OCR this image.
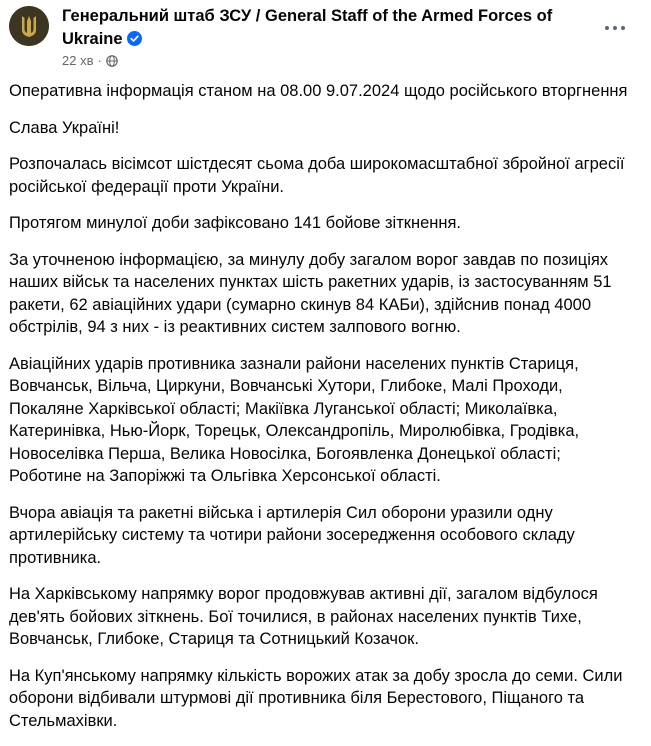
Генеральний штаб ЗСУ / General Staff of the Armed Forces of Ukraine
22 хв ·

Оперативна інформація станом на 08.00 9.07.2024 щодо російського вторгнення

Слава Україні!

Розпочалась вісімсот шістдесят сьома доба широкомасштабної збройної агресії російської федерації проти України.

Протягом минулої доби зафіксовано 141 бойове зіткнення.

За уточненою інформацією, за минулу добу загалом ворог завдав по позиціях наших військ та населених пунктах шість ракетних ударів, із застосуванням 51 ракети, 62 авіаційних удари (сумарно скинув 84 КАБи), здійснив понад 4000 обстрілів, 94 з них - із реактивних систем залпового вогню.

Авіаційних ударів противника зазнали райони населених пунктів Стариця, Вовчанськ, Вільча, Циркуни, Вовчанські Хутори, Глибоке, Малі Проходи, Покаляне Харківської області; Макіївка Луганської області; Миколаївка, Катеринівка, Нью-Йорк, Торецьк, Олександропіль, Миролюбівка, Гродівка, Новоселівка Перша, Велика Новосілка, Богоявленка Донецької області; Роботине на Запоріжжі та Ольгівка Херсонської області.

Вчора авіація та ракетні війська і артилерія Сил оборони уразили одну артилерійську систему та чотири райони зосередження особового складу противника.

На Харківському напрямку ворог продовжував активні дії, загалом відбулося дев'ять бойових зіткнень. Бої точилися, в районах населених пунктів Тихе, Вовчанськ, Глибоке, Стариця та Сотницький Козачок.

На Куп'янському напрямку кількість ворожих атак за добу зросла до семи. Сили оборони відбивали штурмові дії противника біля Берестового, Піщаного та Стельмахівки.
